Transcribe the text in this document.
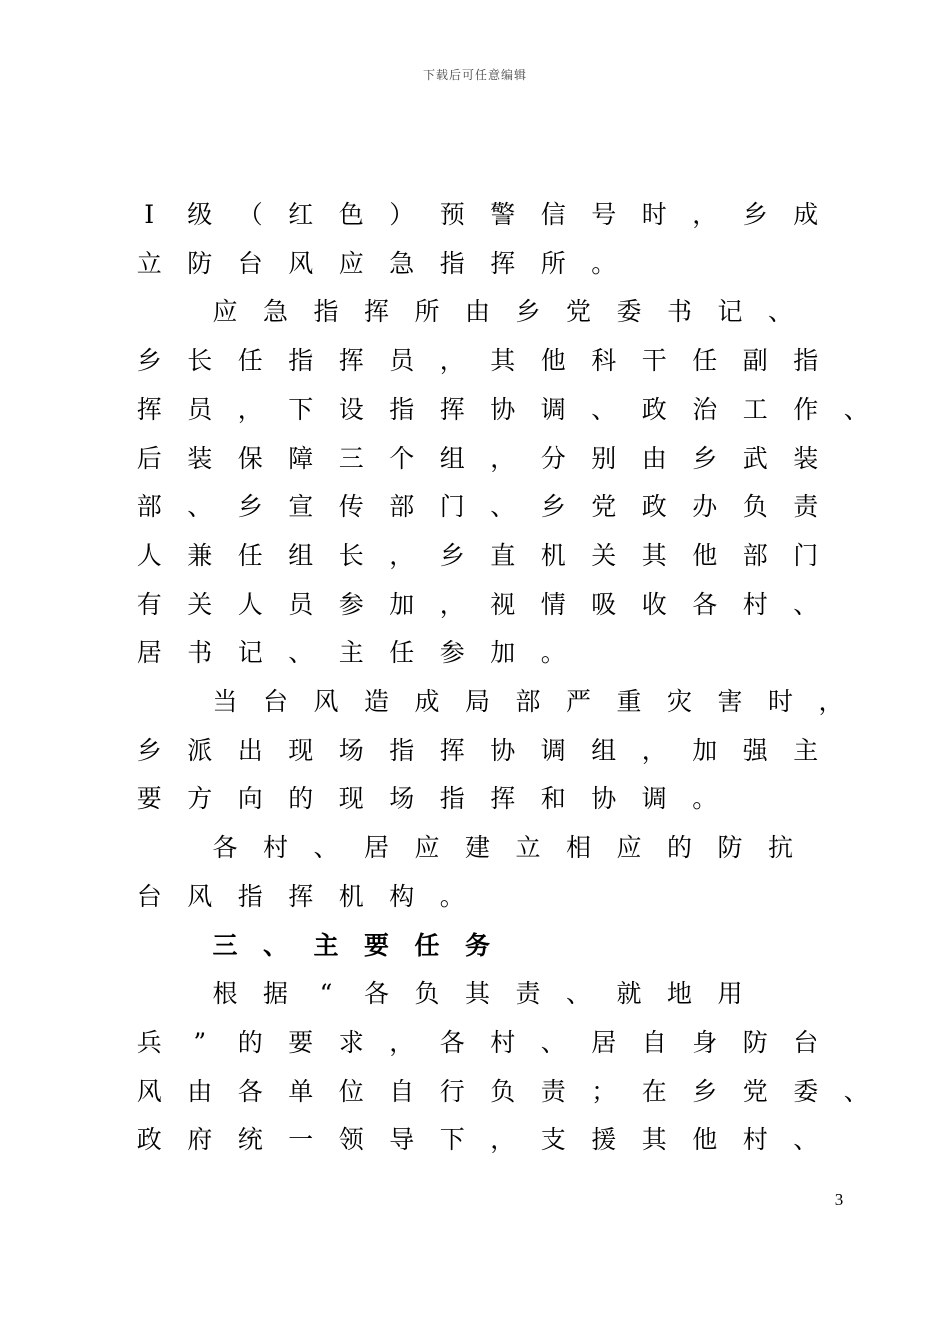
下载后可任意编辑
Ⅰ	级	（	红	色	）	预	警	信	号	时	，	乡	成
立	防	台	风	应	急	指	挥	所	。
应	急	指	挥	所	由	乡	党	委	书	记	、
乡	长	任	指	挥	员	，	其	他	科	干	任	副	指
挥	员	，	下	设	指	挥	协	调	、	政	治	工	作	、
后	装	保	障	三	个	组	，	分	别	由	乡	武	装
部	、	乡	宣	传	部	门	、	乡	党	政	办	负	责
人	兼	任	组	长	，	乡	直	机	关	其	他	部	门
有	关	人	员	参	加	，	视	情	吸	收	各	村	、
居	书	记	、	主	任	参	加	。
当	台	风	造	成	局	部	严	重	灾	害	时	，
乡	派	出	现	场	指	挥	协	调	组	，	加	强	主
要	方	向	的	现	场	指	挥	和	协	调	。
各	村	、	居	应	建	立	相	应	的	防	抗
台	风	指	挥	机	构	。
三	、	主	要	任	务
根	据	“	各	负	其	责	、	就	地	用
兵	”	的	要	求	，	各	村	、	居	自	身	防	台
风	由	各	单	位	自	行	负	责	；	在	乡	党	委	、
政	府	统	一	领	导	下	，	支	援	其	他	村	、
3
